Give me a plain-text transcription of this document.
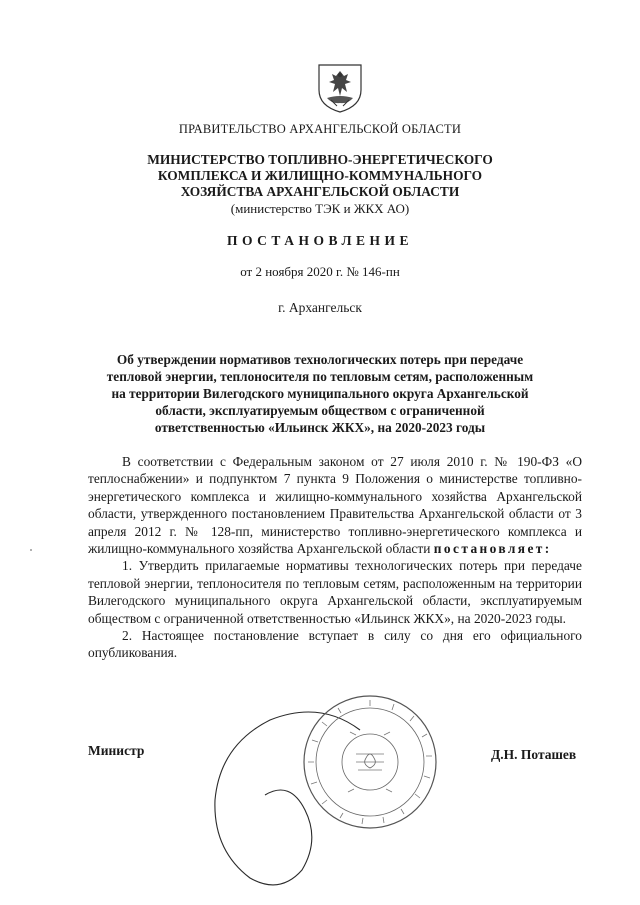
ПРАВИТЕЛЬСТВО АРХАНГЕЛЬСКОЙ ОБЛАСТИ
МИНИСТЕРСТВО ТОПЛИВНО-ЭНЕРГЕТИЧЕСКОГО
КОМПЛЕКСА И ЖИЛИЩНО-КОММУНАЛЬНОГО
ХОЗЯЙСТВА АРХАНГЕЛЬСКОЙ ОБЛАСТИ
(министерство ТЭК и ЖКХ АО)
ПОСТАНОВЛЕНИЕ
от 2 ноября 2020 г. № 146-пн
г. Архангельск
Об утверждении нормативов технологических потерь при передаче
тепловой энергии, теплоносителя по тепловым сетям, расположенным
на территории Вилегодского муниципального округа Архангельской
области, эксплуатируемым обществом с ограниченной
ответственностью «Ильинск ЖКХ», на 2020-2023 годы

В соответствии с Федеральным законом от 27 июля 2010 г. № 190-ФЗ «О теплоснабжении» и подпунктом 7 пункта 9 Положения о министерстве топливно-энергетического комплекса и жилищно-коммунального хозяйства Архангельской области, утвержденного постановлением Правительства Архангельской области от 3 апреля 2012 г. № 128-пп, министерство топливно-энергетического комплекса и жилищно-коммунального хозяйства Архангельской области постановляет:

1. Утвердить прилагаемые нормативы технологических потерь при передаче тепловой энергии, теплоносителя по тепловым сетям, расположенным на территории Вилегодского муниципального округа Архангельской области, эксплуатируемым обществом с ограниченной ответственностью «Ильинск ЖКХ», на 2020-2023 годы.

2. Настоящее постановление вступает в силу со дня его официального опубликования.

Министр	Д.Н. Поташев
